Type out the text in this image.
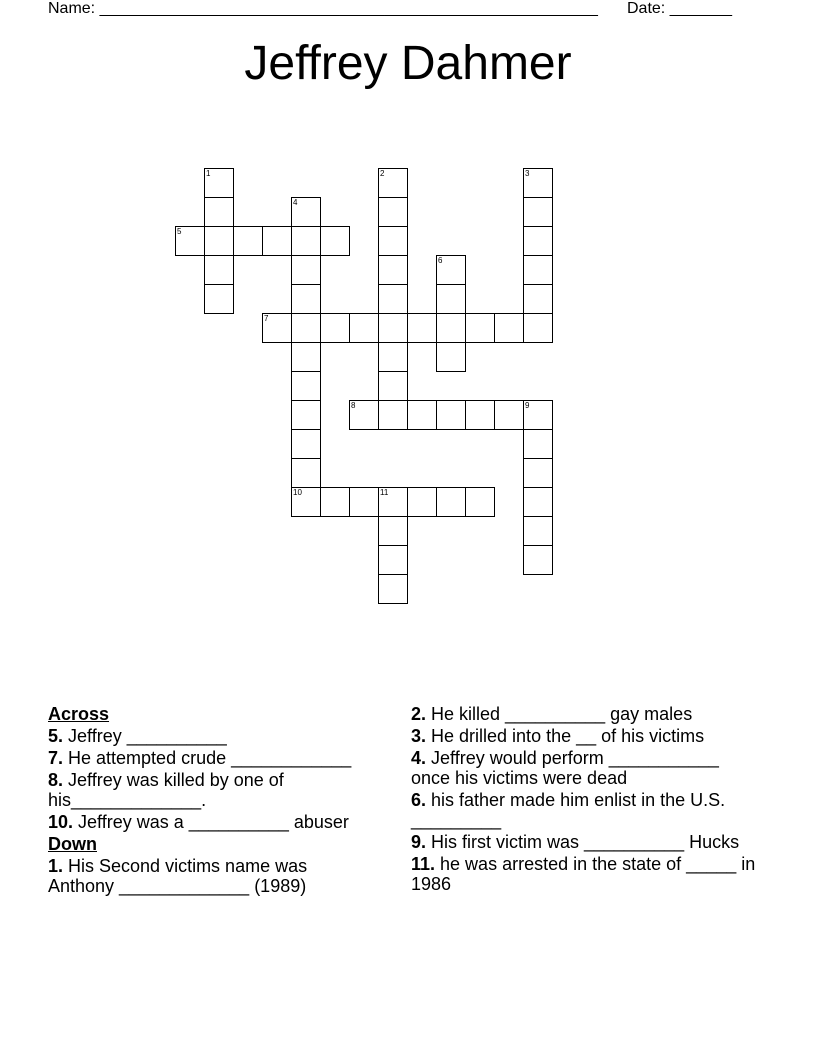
Name: ________________________________________________________ Date: _______
Jeffrey Dahmer
1	2	3
4
5
6
7
8	9
10	11
Across
5. Jeffrey __________
7. He attempted crude ____________
8. Jeffrey was killed by one of his_____________.
10. Jeffrey was a __________ abuser
Down
1. His Second victims name was Anthony _____________ (1989)
2. He killed __________ gay males
3. He drilled into the __ of his victims
4. Jeffrey would perform ___________ once his victims were dead
6. his father made him enlist in the U.S. _________
9. His first victim was __________ Hucks
11. he was arrested in the state of _____ in 1986
